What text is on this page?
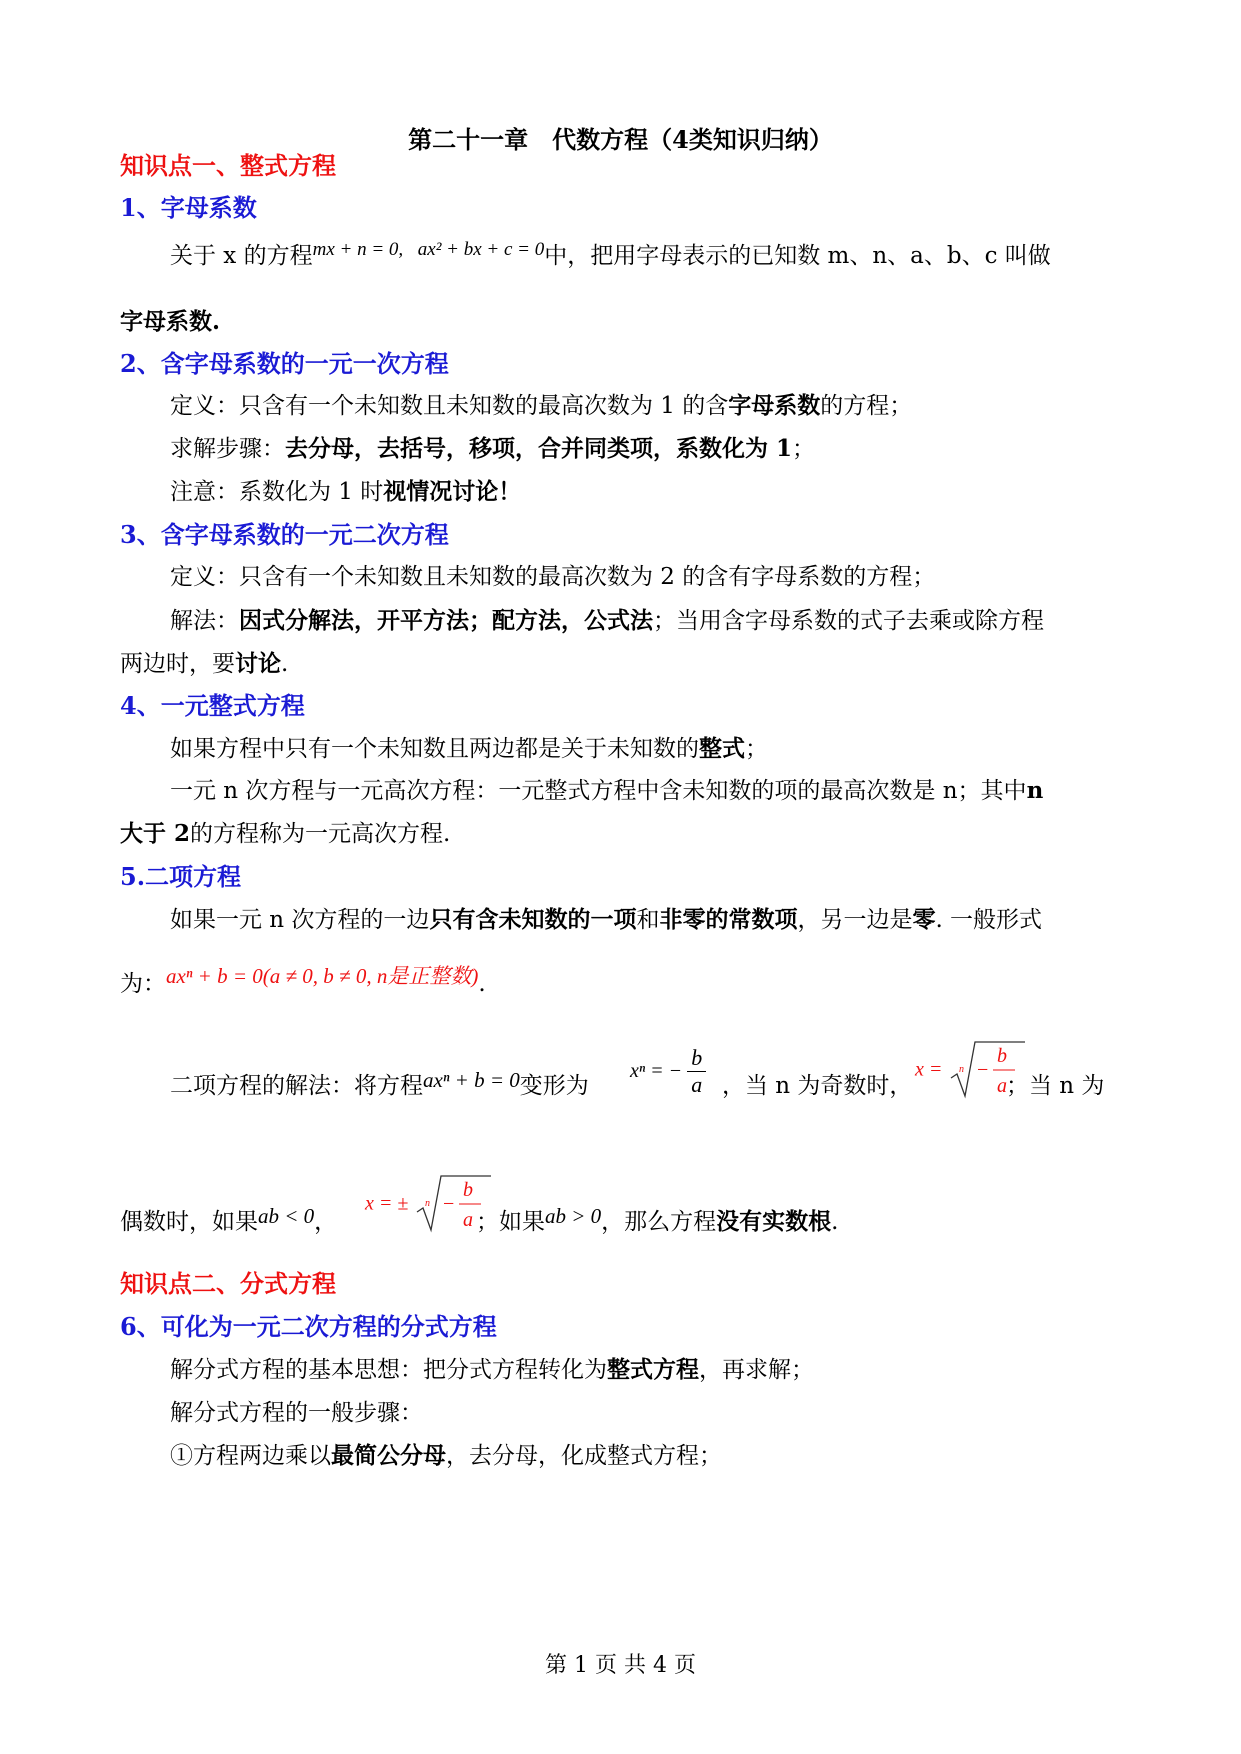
第二十一章　代数方程（4类知识归纳）
知识点一、整式方程
1、字母系数
关于 x 的方程$^{mx + n = 0,}$ $^{ax^2 + bx + c = 0}$中，把用字母表示的已知数 m、n、a、b、c 叫做
字母系数.
2、含字母系数的一元一次方程
定义：只含有一个未知数且未知数的最高次数为 1 的含字母系数的方程；
求解步骤：去分母，去括号，移项，合并同类项，系数化为 1；
注意：系数化为 1 时视情况讨论！
3、含字母系数的一元二次方程
定义：只含有一个未知数且未知数的最高次数为 2 的含有字母系数的方程；
解法：因式分解法，开平方法；配方法，公式法；当用含字母系数的式子去乘或除方程
两边时，要讨论.
4、一元整式方程
如果方程中只有一个未知数且两边都是关于未知数的整式；
一元 n 次方程与一元高次方程：一元整式方程中含未知数的项的最高次数是 n；其中n
大于 2的方程称为一元高次方程.
5.二项方程
如果一元 n 次方程的一边只有含未知数的一项和非零的常数项，另一边是零. 一般形式
为：axⁿ + b = 0(a ≠ 0, b ≠ 0, n是正整数).
二项方程的解法：将方程axⁿ + b = 0变形为
xⁿ = − $\frac{b}{a}$ ，当 n 为奇数时，
x = n −
b
a
；当 n 为
偶数时，如果ab < 0，
x = ± n −
b
a ；如果ab > 0，那么方程没有实数根.
知识点二、分式方程
6、可化为一元二次方程的分式方程
解分式方程的基本思想：把分式方程转化为整式方程，再求解；
解分式方程的一般步骤：
①方程两边乘以最简公分母，去分母，化成整式方程；
第 1 页 共 4 页
